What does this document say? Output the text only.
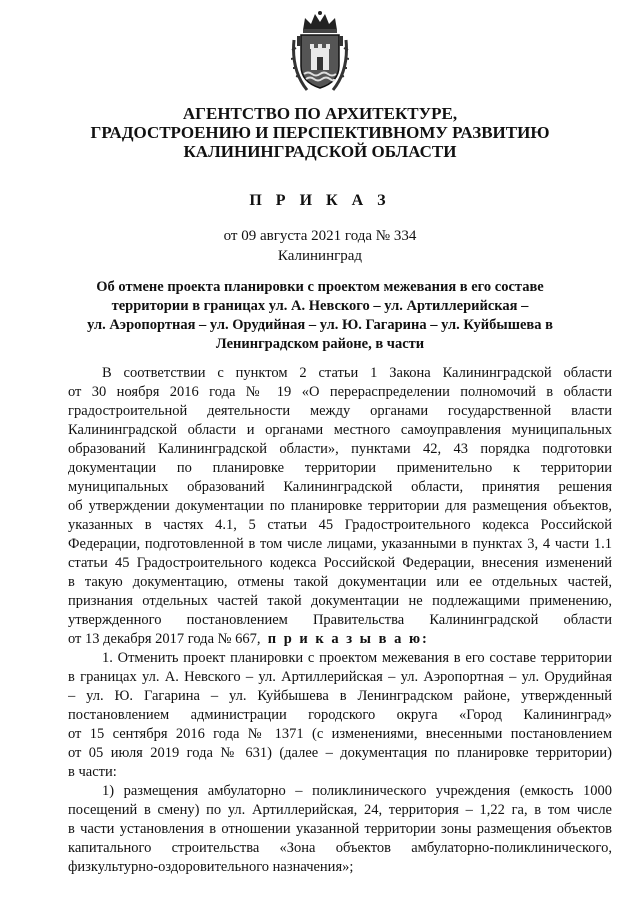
АГЕНТСТВО ПО АРХИТЕКТУРЕ,
ГРАДОСТРОЕНИЮ И ПЕРСПЕКТИВНОМУ РАЗВИТИЮ
КАЛИНИНГРАДСКОЙ ОБЛАСТИ
П Р И К А З
от 09 августа 2021 года № 334
Калининград
Об отмене проекта планировки с проектом межевания в его составе
территории в границах ул. А. Невского – ул. Артиллерийская –
ул. Аэропортная – ул. Орудийная – ул. Ю. Гагарина – ул. Куйбышева в
Ленинградском районе, в части
В соответствии с пунктом 2 статьи 1 Закона Калининградской области
от 30 ноября 2016 года № 19 «О перераспределении полномочий в области
градостроительной деятельности между органами государственной власти
Калининградской области и органами местного самоуправления муниципальных
образований Калининградской области», пунктами 42, 43 порядка подготовки
документации по планировке территории применительно к территории
муниципальных образований Калининградской области, принятия решения
об утверждении документации по планировке территории для размещения объектов,
указанных в частях 4.1, 5 статьи 45 Градостроительного кодекса Российской
Федерации, подготовленной в том числе лицами, указанными в пунктах 3, 4 части 1.1
статьи 45 Градостроительного кодекса Российской Федерации, внесения изменений
в такую документацию, отмены такой документации или ее отдельных частей,
признания отдельных частей такой документации не подлежащими применению,
утвержденного постановлением Правительства Калининградской области
от 13 декабря 2017 года № 667, п р и к а з ы в а ю:
1. Отменить проект планировки с проектом межевания в его составе территории
в границах ул. А. Невского – ул. Артиллерийская – ул. Аэропортная – ул. Орудийная
– ул. Ю. Гагарина – ул. Куйбышева в Ленинградском районе, утвержденный
постановлением администрации городского округа «Город Калининград»
от 15 сентября 2016 года № 1371 (с изменениями, внесенными постановлением
от 05 июля 2019 года № 631) (далее – документация по планировке территории)
в части:
1) размещения амбулаторно – поликлинического учреждения (емкость 1000
посещений в смену) по ул. Артиллерийская, 24, территория – 1,22 га, в том числе
в части установления в отношении указанной территории зоны размещения объектов
капитального строительства «Зона объектов амбулаторно-поликлинического,
физкультурно-оздоровительного назначения»;
